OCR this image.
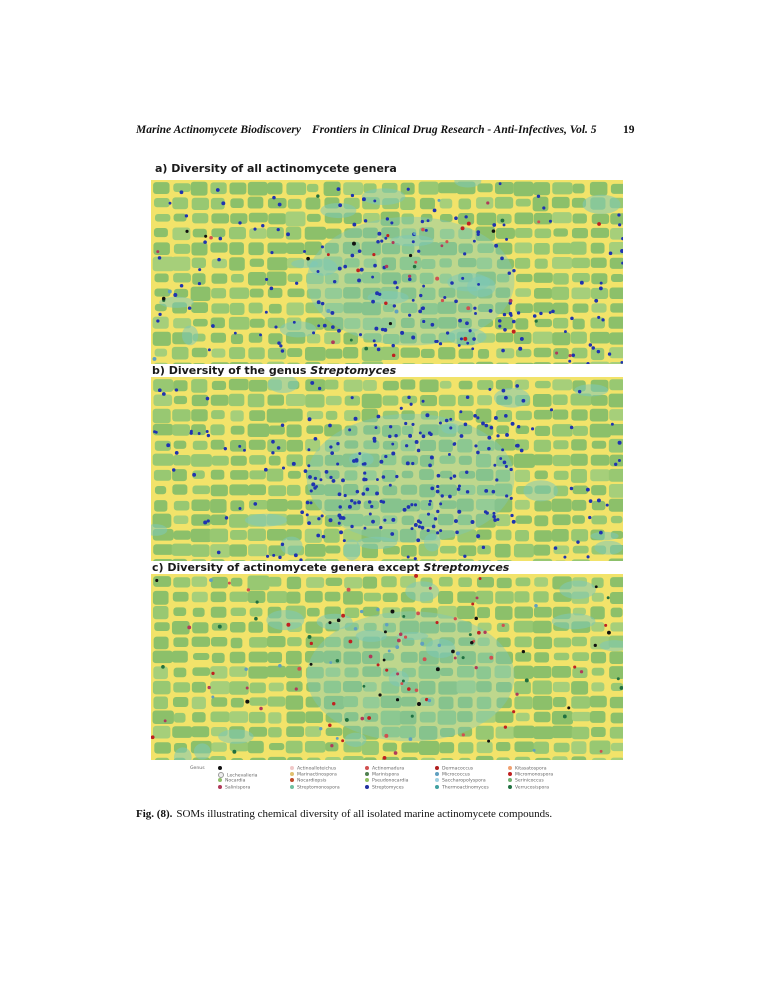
Marine Actinomycete Biodiscovery Frontiers in Clinical Drug Research - Anti-Infectives, Vol. 5 19
a) Diversity of all actinomycete genera
b) Diversity of the genus Streptomyces
c) Diversity of actinomycete genera except Streptomyces
Genus
Lechevalieria
Nocardia
Salinispora
Actinoalloteichus
Marinactinospora
Nocardiopsis
Streptomonospora
Actinomadura
Marinispora
Pseudonocardia
Streptomyces
Dermacoccus
Micrococcus
Saccharopolyspora
Thermoactinomyces
Kitasatospora
Micromonospora
Serinicoccus
Verrucosispora
Fig. (8). SOMs illustrating chemical diversity of all isolated marine actinomycete compounds.
